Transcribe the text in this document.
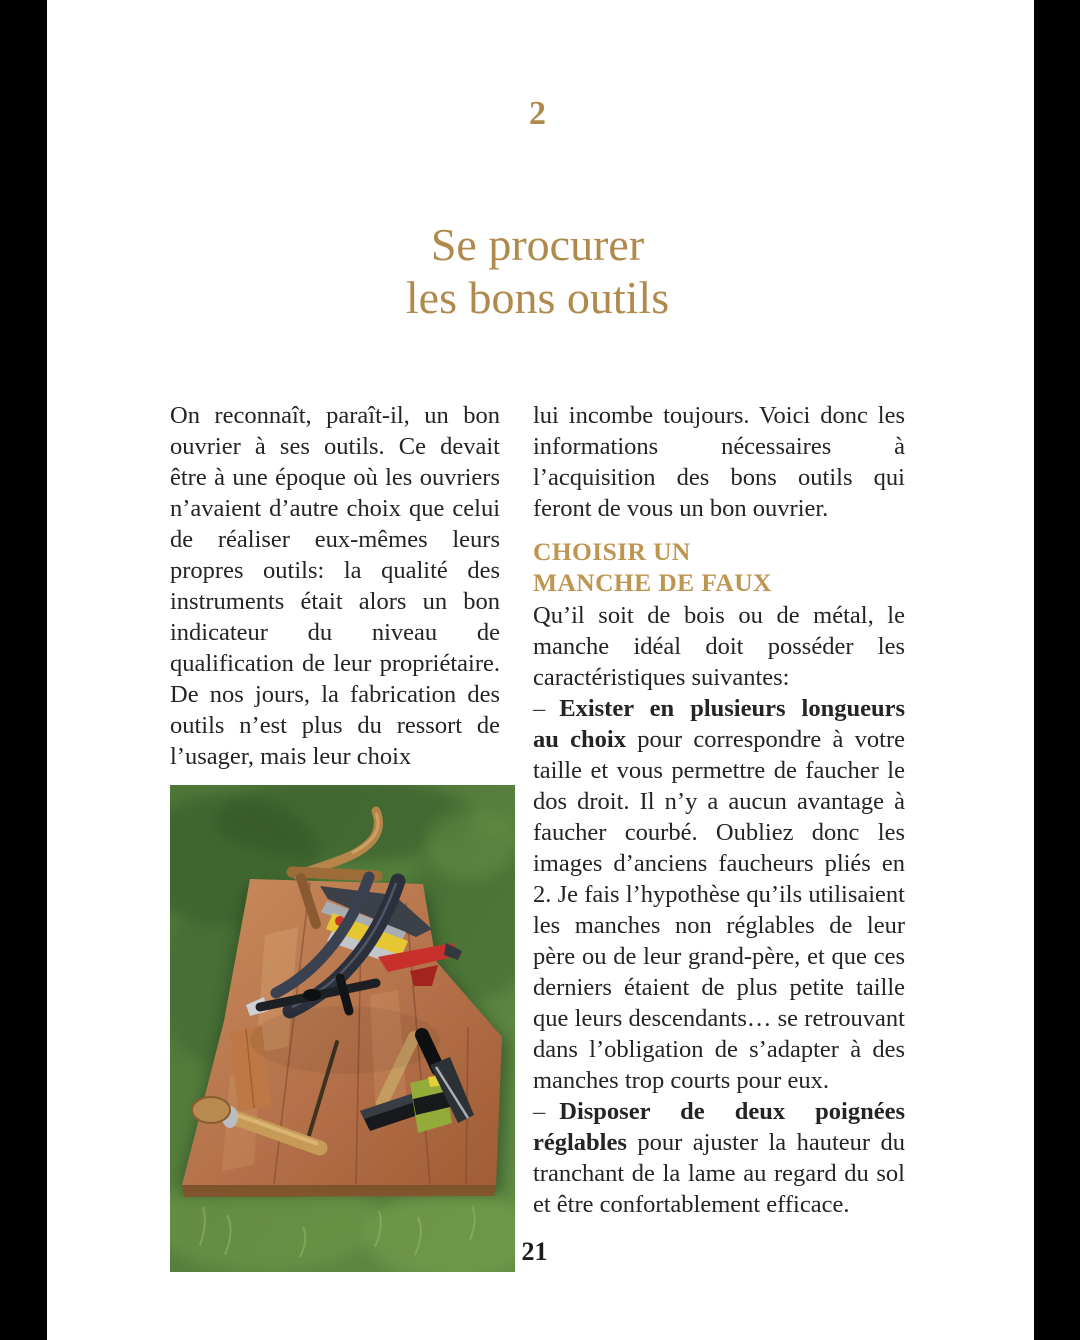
2
Se procurer
les bons outils

On reconnaît, paraît-il, un bon ouvrier à ses outils. Ce devait être à une époque où les ouvriers n’avaient d’autre choix que celui de réaliser eux-mêmes leurs propres outils: la qualité des instruments était alors un bon indicateur du niveau de qualification de leur propriétaire. De nos jours, la fabrication des outils n’est plus du ressort de l’usager, mais leur choix

lui incombe toujours. Voici donc les informations nécessaires à l’acquisition des bons outils qui feront de vous un bon ouvrier.

CHOISIR UN
MANCHE DE FAUX

Qu’il soit de bois ou de métal, le manche idéal doit posséder les caractéristiques suivantes:

– Exister en plusieurs longueurs au choix pour correspondre à votre taille et vous permettre de faucher le dos droit. Il n’y a aucun avantage à faucher courbé. Oubliez donc les images d’anciens faucheurs pliés en 2. Je fais l’hypothèse qu’ils utilisaient les manches non réglables de leur père ou de leur grand-père, et que ces derniers étaient de plus petite taille que leurs descendants… se retrouvant dans l’obligation de s’adapter à des manches trop courts pour eux.

– Disposer de deux poignées réglables pour ajuster la hauteur du tranchant de la lame au regard du sol et être confortablement efficace.

21
